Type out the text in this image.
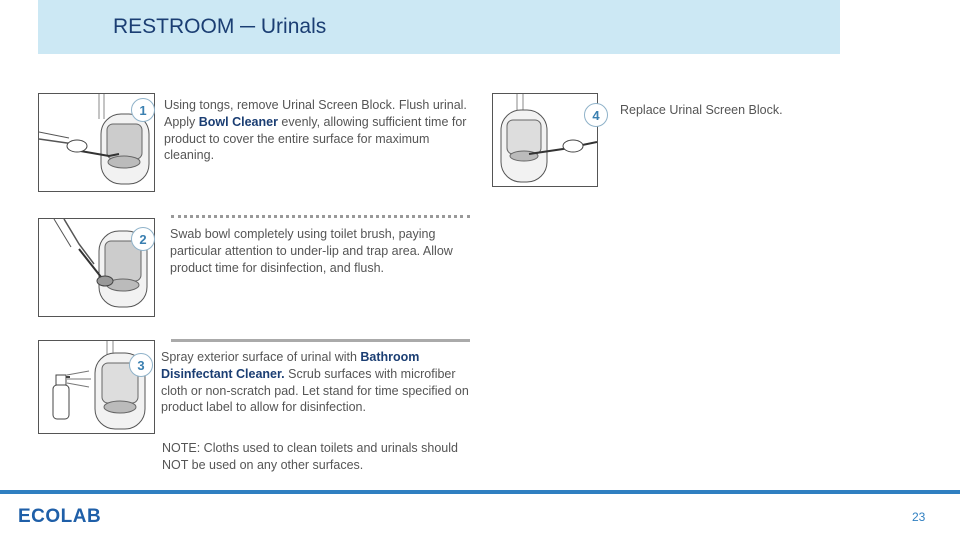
RESTROOM ─ Urinals
1	Using tongs, remove Urinal Screen Block. Flush urinal. Apply Bowl Cleaner evenly, allowing sufficient time for product to cover the entire surface for maximum cleaning.
4	Replace Urinal Screen Block.
2	Swab bowl completely using toilet brush, paying particular attention to under-lip and trap area. Allow product time for disinfection, and flush.
3
Spray exterior surface of urinal with Bathroom Disinfectant Cleaner. Scrub surfaces with microfiber cloth or non-scratch pad. Let stand for time specified on product label to allow for disinfection.
NOTE: Cloths used to clean toilets and urinals should NOT be used on any other surfaces.
ECOLAB	23
